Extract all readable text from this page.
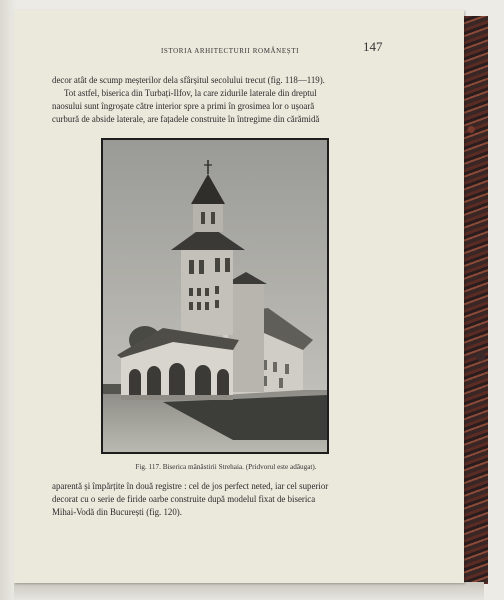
ISTORIA ARHITECTURII ROMÂNEȘTI	147
decor atât de scump meșterilor dela sfârșitul secolului trecut (fig. 118—119).
Tot astfel, biserica din Turbați-Ilfov, la care zidurile laterale din dreptul
naosului sunt îngroșate către interior spre a primi în grosimea lor o ușoară
curbură de abside laterale, are fațadele construite în întregime din cărămidă
Fig. 117. Biserica mânăstirii Strehaia. (Pridvorul este adăugat).
aparentă și împărțite în două registre : cel de jos perfect neted, iar cel superior
decorat cu o serie de firide oarbe construite după modelul fixat de biserica
Mihai-Vodă din București (fig. 120).
